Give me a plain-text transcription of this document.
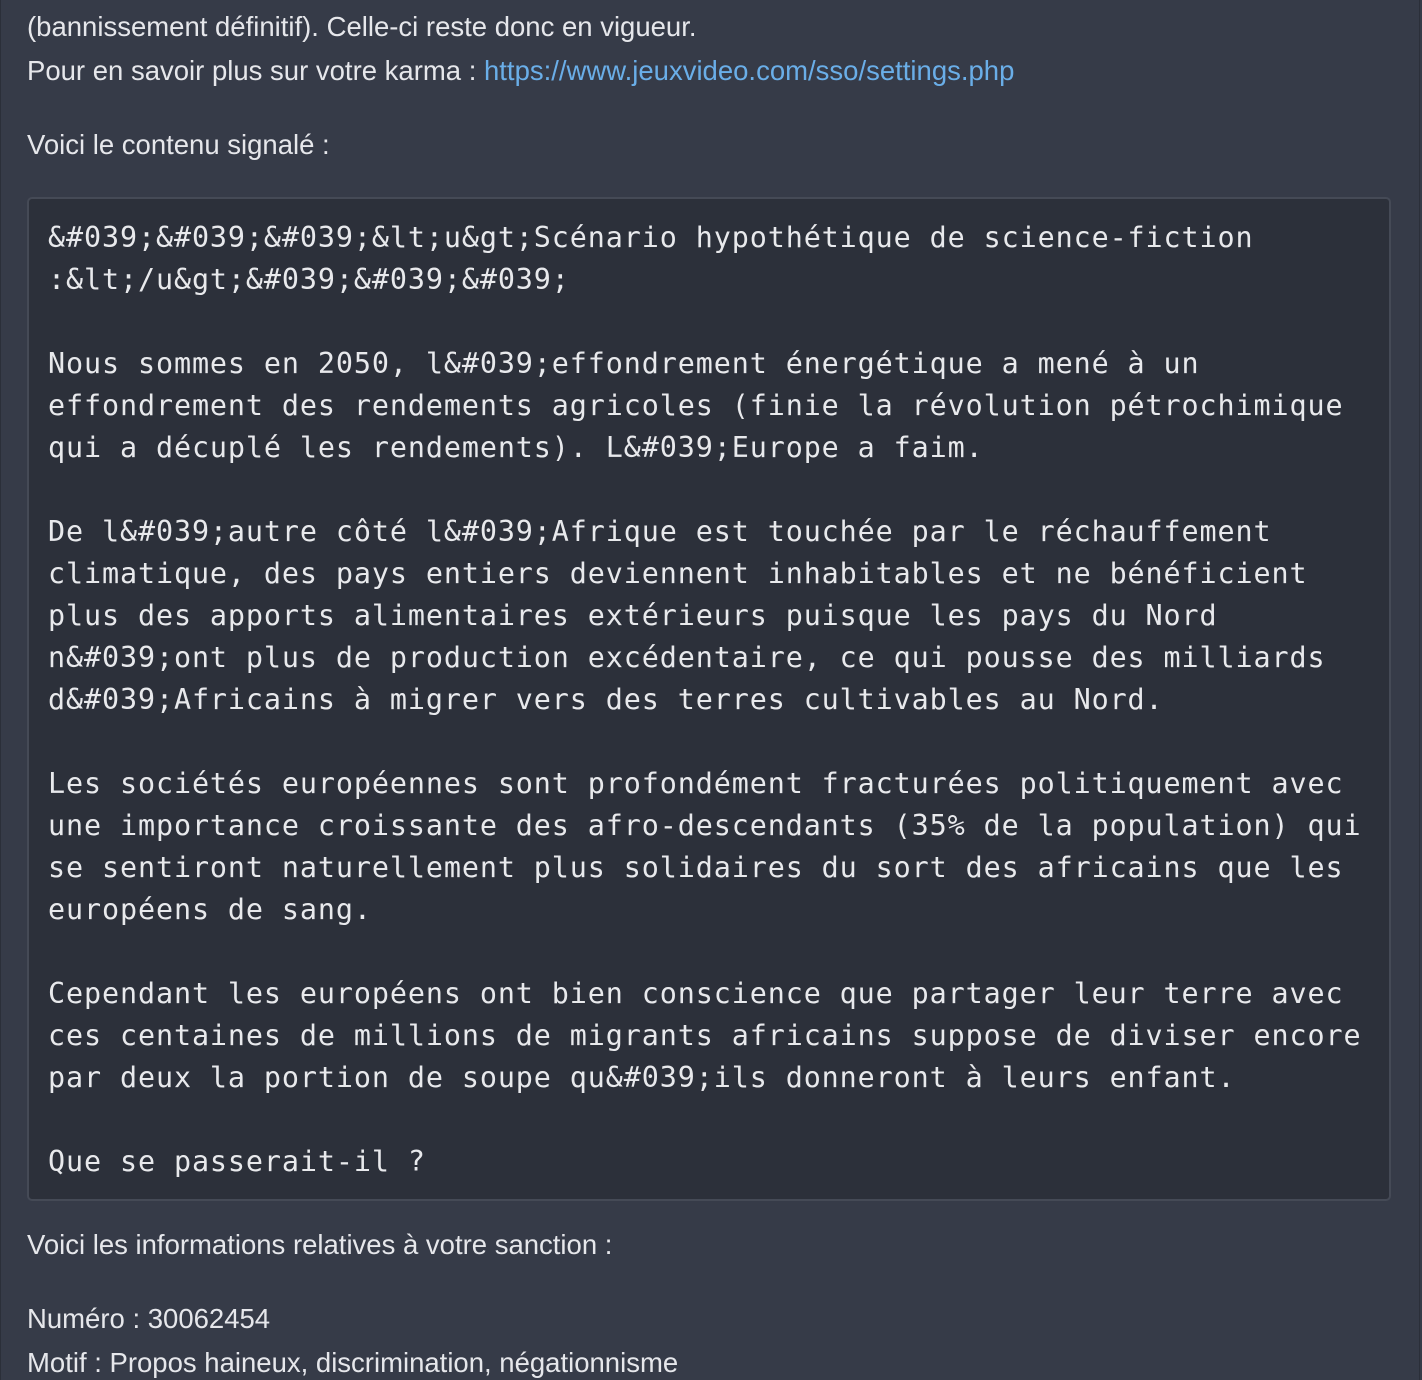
(bannissement définitif). Celle-ci reste donc en vigueur.
Pour en savoir plus sur votre karma : https://www.jeuxvideo.com/sso/settings.php
Voici le contenu signalé :
&#039;&#039;&#039;&lt;u&gt;Scénario hypothétique de science-fiction
:&lt;/u&gt;&#039;&#039;&#039;

Nous sommes en 2050, l&#039;effondrement énergétique a mené à un
effondrement des rendements agricoles (finie la révolution pétrochimique
qui a décuplé les rendements). L&#039;Europe a faim.

De l&#039;autre côté l&#039;Afrique est touchée par le réchauffement
climatique, des pays entiers deviennent inhabitables et ne bénéficient
plus des apports alimentaires extérieurs puisque les pays du Nord
n&#039;ont plus de production excédentaire, ce qui pousse des milliards
d&#039;Africains à migrer vers des terres cultivables au Nord.

Les sociétés européennes sont profondément fracturées politiquement avec
une importance croissante des afro-descendants (35% de la population) qui
se sentiront naturellement plus solidaires du sort des africains que les
européens de sang.

Cependant les européens ont bien conscience que partager leur terre avec
ces centaines de millions de migrants africains suppose de diviser encore
par deux la portion de soupe qu&#039;ils donneront à leurs enfant.

Que se passerait-il ?
Voici les informations relatives à votre sanction :
Numéro : 30062454
Motif : Propos haineux, discrimination, négationnisme
